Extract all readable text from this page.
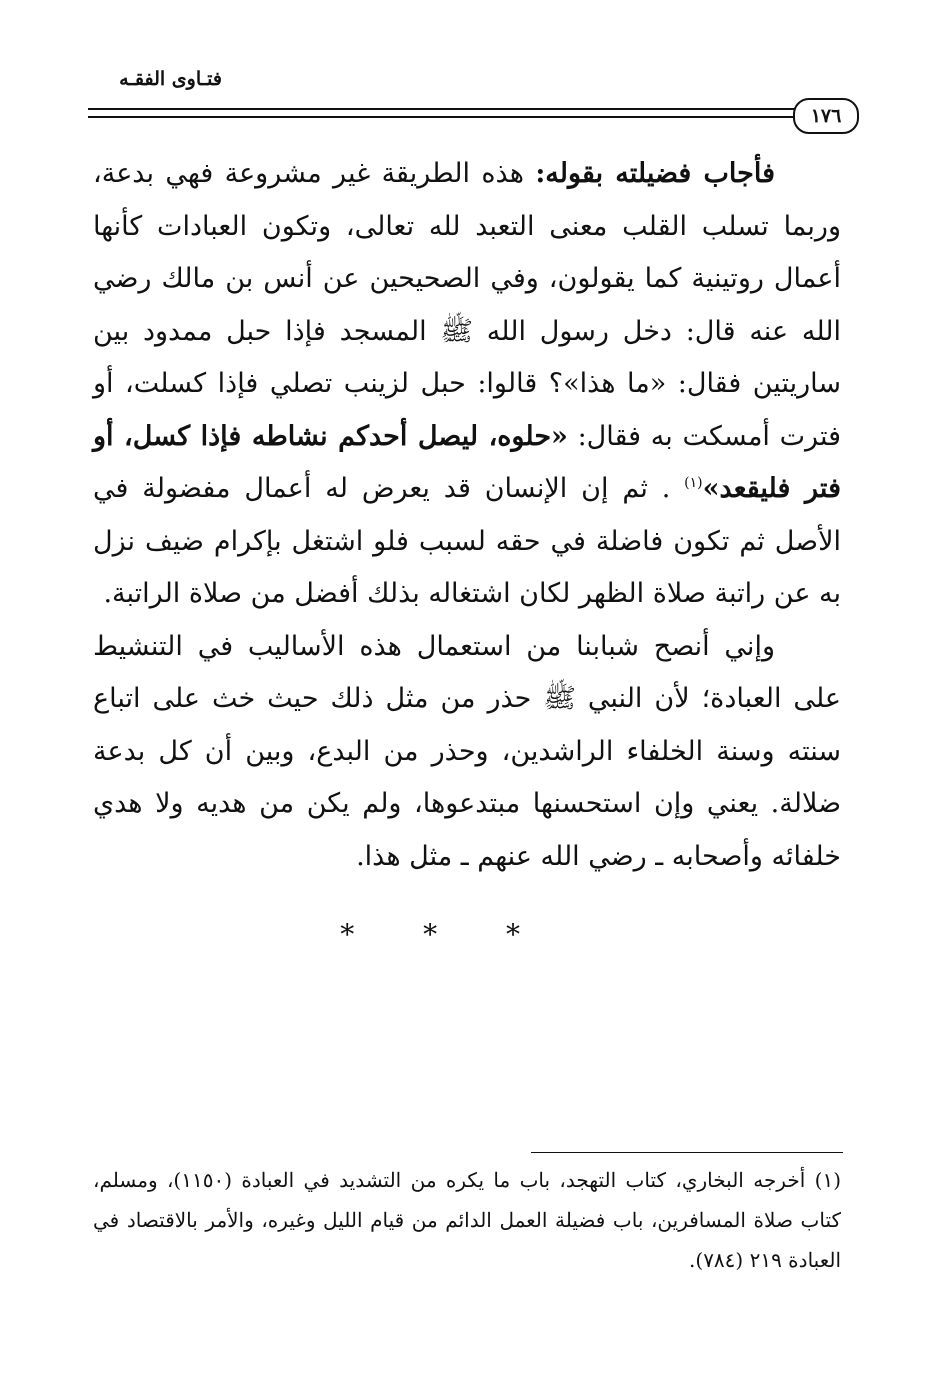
فتـاوى الفقـه
١٧٦

فأجاب فضيلته بقوله: هذه الطريقة غير مشروعة فهي بدعة، وربما تسلب القلب معنى التعبد لله تعالى، وتكون العبادات كأنها أعمال روتينية كما يقولون، وفي الصحيحين عن أنس بن مالك رضي الله عنه قال: دخل رسول الله ﷺ المسجد فإذا حبل ممدود بين ساريتين فقال: «ما هذا»؟ قالوا: حبل لزينب تصلي فإذا كسلت، أو فترت أمسكت به فقال: «حلوه، ليصل أحدكم نشاطه فإذا كسل، أو فتر فليقعد»$^{(١)}$ . ثم إن الإنسان قد يعرض له أعمال مفضولة في الأصل ثم تكون فاضلة في حقه لسبب فلو اشتغل بإكرام ضيف نزل به عن راتبة صلاة الظهر لكان اشتغاله بذلك أفضل من صلاة الراتبة.

وإني أنصح شبابنا من استعمال هذه الأساليب في التنشيط على العبادة؛ لأن النبي ﷺ حذر من مثل ذلك حيث خث على اتباع سنته وسنة الخلفاء الراشدين، وحذر من البدع، وبين أن كل بدعة ضلالة. يعني وإن استحسنها مبتدعوها، ولم يكن من هديه ولا هدي خلفائه وأصحابه ـ رضي الله عنهم ـ مثل هذا.

* * *

(١) أخرجه البخاري، كتاب التهجد، باب ما يكره من التشديد في العبادة (١١٥٠)، ومسلم، كتاب صلاة المسافرين، باب فضيلة العمل الدائم من قيام الليل وغيره، والأمر بالاقتصاد في العبادة ٢١٩ (٧٨٤).
